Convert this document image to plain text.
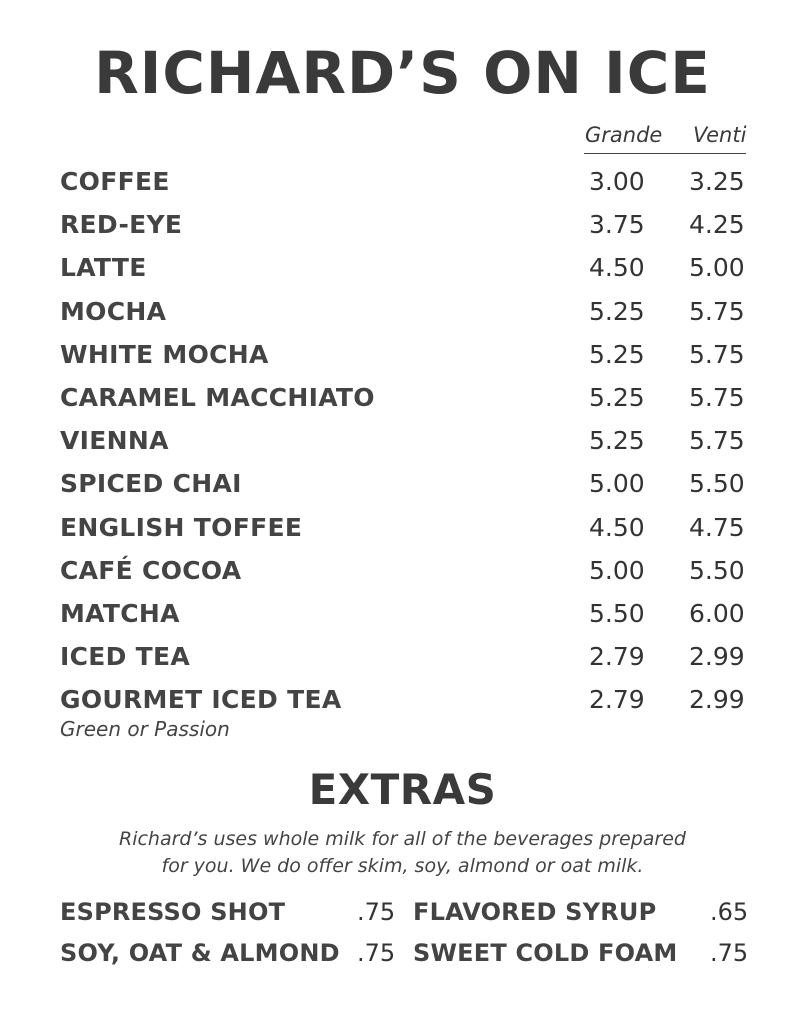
RICHARD’S ON ICE
Grande Venti
COFFEE	3.00 3.25
RED-EYE	3.75 4.25
LATTE	4.50 5.00
MOCHA	5.25 5.75
WHITE MOCHA	5.25 5.75
CARAMEL MACCHIATO	5.25 5.75
VIENNA	5.25 5.75
SPICED CHAI	5.00 5.50
ENGLISH TOFFEE	4.50 4.75
CAFÉ COCOA	5.00 5.50
MATCHA	5.50 6.00
ICED TEA	2.79 2.99
GOURMET ICED TEA	2.79 2.99
Green or Passion
EXTRAS
Richard’s uses whole milk for all of the beverages prepared
for you. We do offer skim, soy, almond or oat milk.
ESPRESSO SHOT	.75 FLAVORED SYRUP .65
SOY, OAT & ALMOND .75 SWEET COLD FOAM .75
